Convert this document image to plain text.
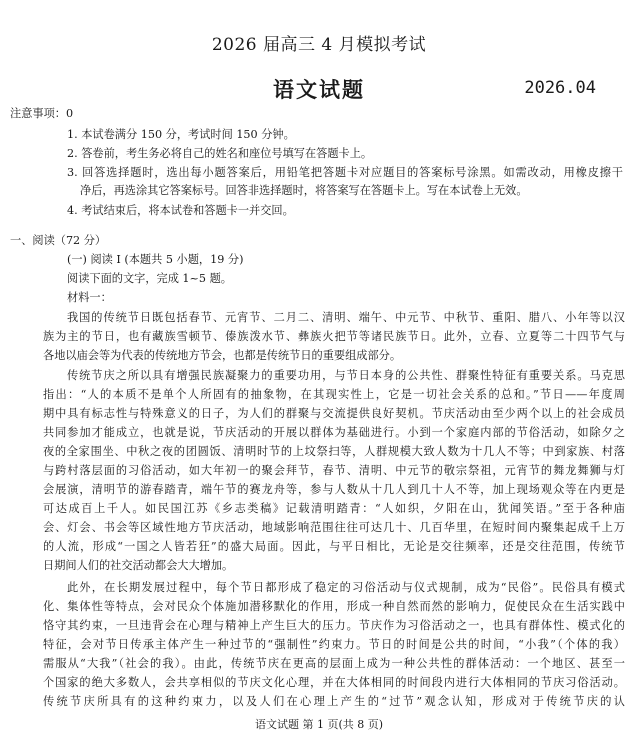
2026 届高三 4 月模拟考试
语文试题	2026.04
注意事项：0
1. 本试卷满分 150 分，考试时间 150 分钟。
2. 答卷前，考生务必将自己的姓名和座位号填写在答题卡上。
3. 回答选择题时，选出每小题答案后，用铅笔把答题卡对应题目的答案标号涂黑。如需改动，用橡皮擦干
净后，再选涂其它答案标号。回答非选择题时，将答案写在答题卡上。写在本试卷上无效。
4. 考试结束后，将本试卷和答题卡一并交回。
一、阅读（72 分）
(一) 阅读 Ⅰ (本题共 5 小题，19 分)
阅读下面的文字，完成 1~5 题。
材料一：
我国的传统节日既包括春节、元宵节、二月二、清明、端午、中元节、中秋节、重阳、腊八、小年等以汉
族为主的节日，也有藏族雪顿节、傣族泼水节、彝族火把节等诸民族节日。此外，立春、立夏等二十四节气与
各地以庙会等为代表的传统地方节会，也都是传统节日的重要组成部分。
传统节庆之所以具有增强民族凝聚力的重要功用，与节日本身的公共性、群聚性特征有重要关系。马克思
指出：“人的本质不是单个人所固有的抽象物，在其现实性上，它是一切社会关系的总和。”节日——年度周
期中具有标志性与特殊意义的日子，为人们的群聚与交流提供良好契机。节庆活动由至少两个以上的社会成员
共同参加才能成立，也就是说，节庆活动的开展以群体为基础进行。小到一个家庭内部的节俗活动，如除夕之
夜的全家围坐、中秋之夜的团圆饭、清明时节的上坟祭扫等，人群规模大致人数为十几人不等；中到家族、村落
与跨村落层面的习俗活动，如大年初一的聚会拜节，春节、清明、中元节的敬宗祭祖，元宵节的舞龙舞狮与灯
会展演，清明节的游春踏青，端午节的赛龙舟等，参与人数从十几人到几十人不等，加上现场观众等在内更是
可达成百上千人。如民国江苏《乡志类稿》记载清明踏青：“人如织，夕阳在山，犹闻笑语。”至于各种庙
会、灯会、书会等区域性地方节庆活动，地域影响范围往往可达几十、几百华里，在短时间内聚集起成千上万
的人流，形成“一国之人皆若狂”的盛大局面。因此，与平日相比，无论是交往频率，还是交往范围，传统节
日期间人们的社交活动都会大大增加。
此外，在长期发展过程中，每个节日都形成了稳定的习俗活动与仪式规制，成为“民俗”。民俗具有模式
化、集体性等特点，会对民众个体施加潜移默化的作用，形成一种自然而然的影响力，促使民众在生活实践中
恪守其约束，一旦违背会在心理与精神上产生巨大的压力。节庆作为习俗活动之一，也具有群体性、模式化的
特征，会对节日传承主体产生一种过节的“强制性”约束力。节日的时间是公共的时间，“小我”（个体的我）
需服从“大我”（社会的我）。由此，传统节庆在更高的层面上成为一种公共性的群体活动：一个地区、甚至一
个国家的绝大多数人，会共享相似的节庆文化心理，并在大体相同的时间段内进行大体相同的节庆习俗活动。
传统节庆所具有的这种约束力，以及人们在心理上产生的“过节”观念认知，形成对于传统节庆的认
语文试题 第 1 页(共 8 页)
